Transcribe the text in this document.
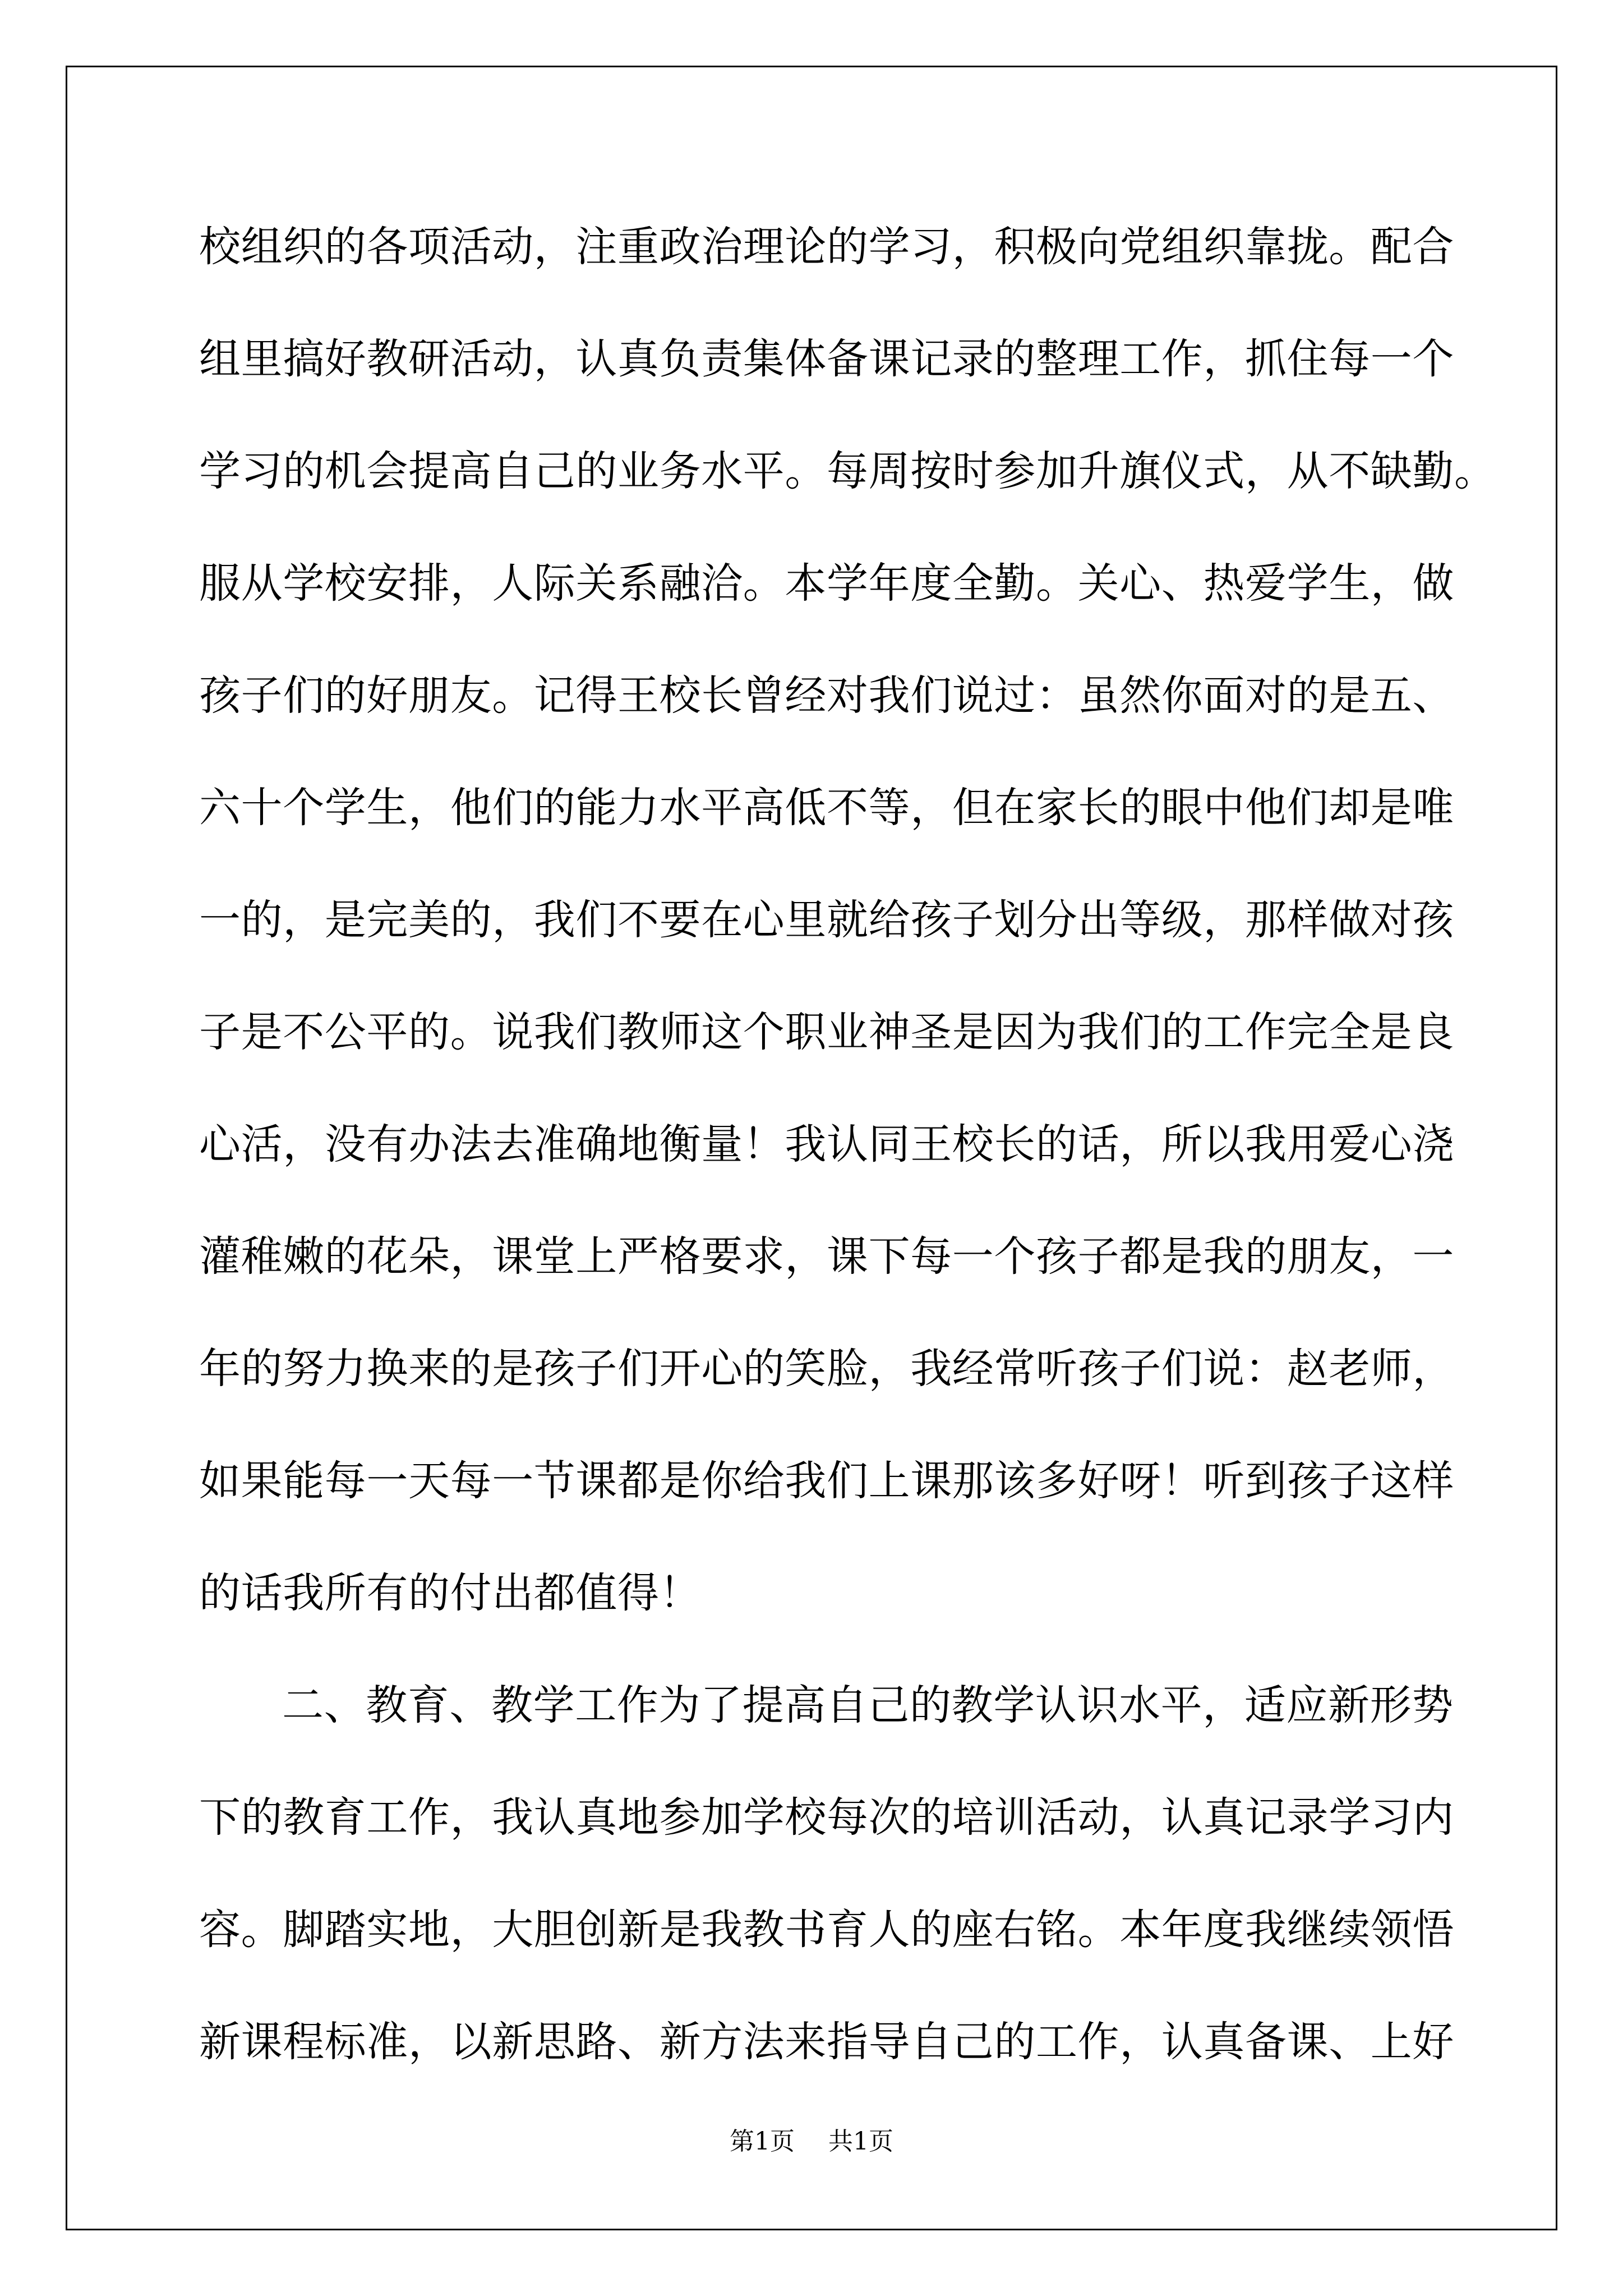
校组织的各项活动，注重政治理论的学习，积极向党组织靠拢。配合
组里搞好教研活动，认真负责集体备课记录的整理工作，抓住每一个
学习的机会提高自己的业务水平。每周按时参加升旗仪式，从不缺勤。
服从学校安排，人际关系融洽。本学年度全勤。关心、热爱学生，做
孩子们的好朋友。记得王校长曾经对我们说过：虽然你面对的是五、
六十个学生，他们的能力水平高低不等，但在家长的眼中他们却是唯
一的，是完美的，我们不要在心里就给孩子划分出等级，那样做对孩
子是不公平的。说我们教师这个职业神圣是因为我们的工作完全是良
心活，没有办法去准确地衡量！我认同王校长的话，所以我用爱心浇
灌稚嫩的花朵，课堂上严格要求，课下每一个孩子都是我的朋友，一
年的努力换来的是孩子们开心的笑脸，我经常听孩子们说：赵老师，
如果能每一天每一节课都是你给我们上课那该多好呀！听到孩子这样
的话我所有的付出都值得！
二、教育、教学工作为了提高自己的教学认识水平，适应新形势
下的教育工作，我认真地参加学校每次的培训活动，认真记录学习内
容。脚踏实地，大胆创新是我教书育人的座右铭。本年度我继续领悟
新课程标准，以新思路、新方法来指导自己的工作，认真备课、上好
第1页 共1页
